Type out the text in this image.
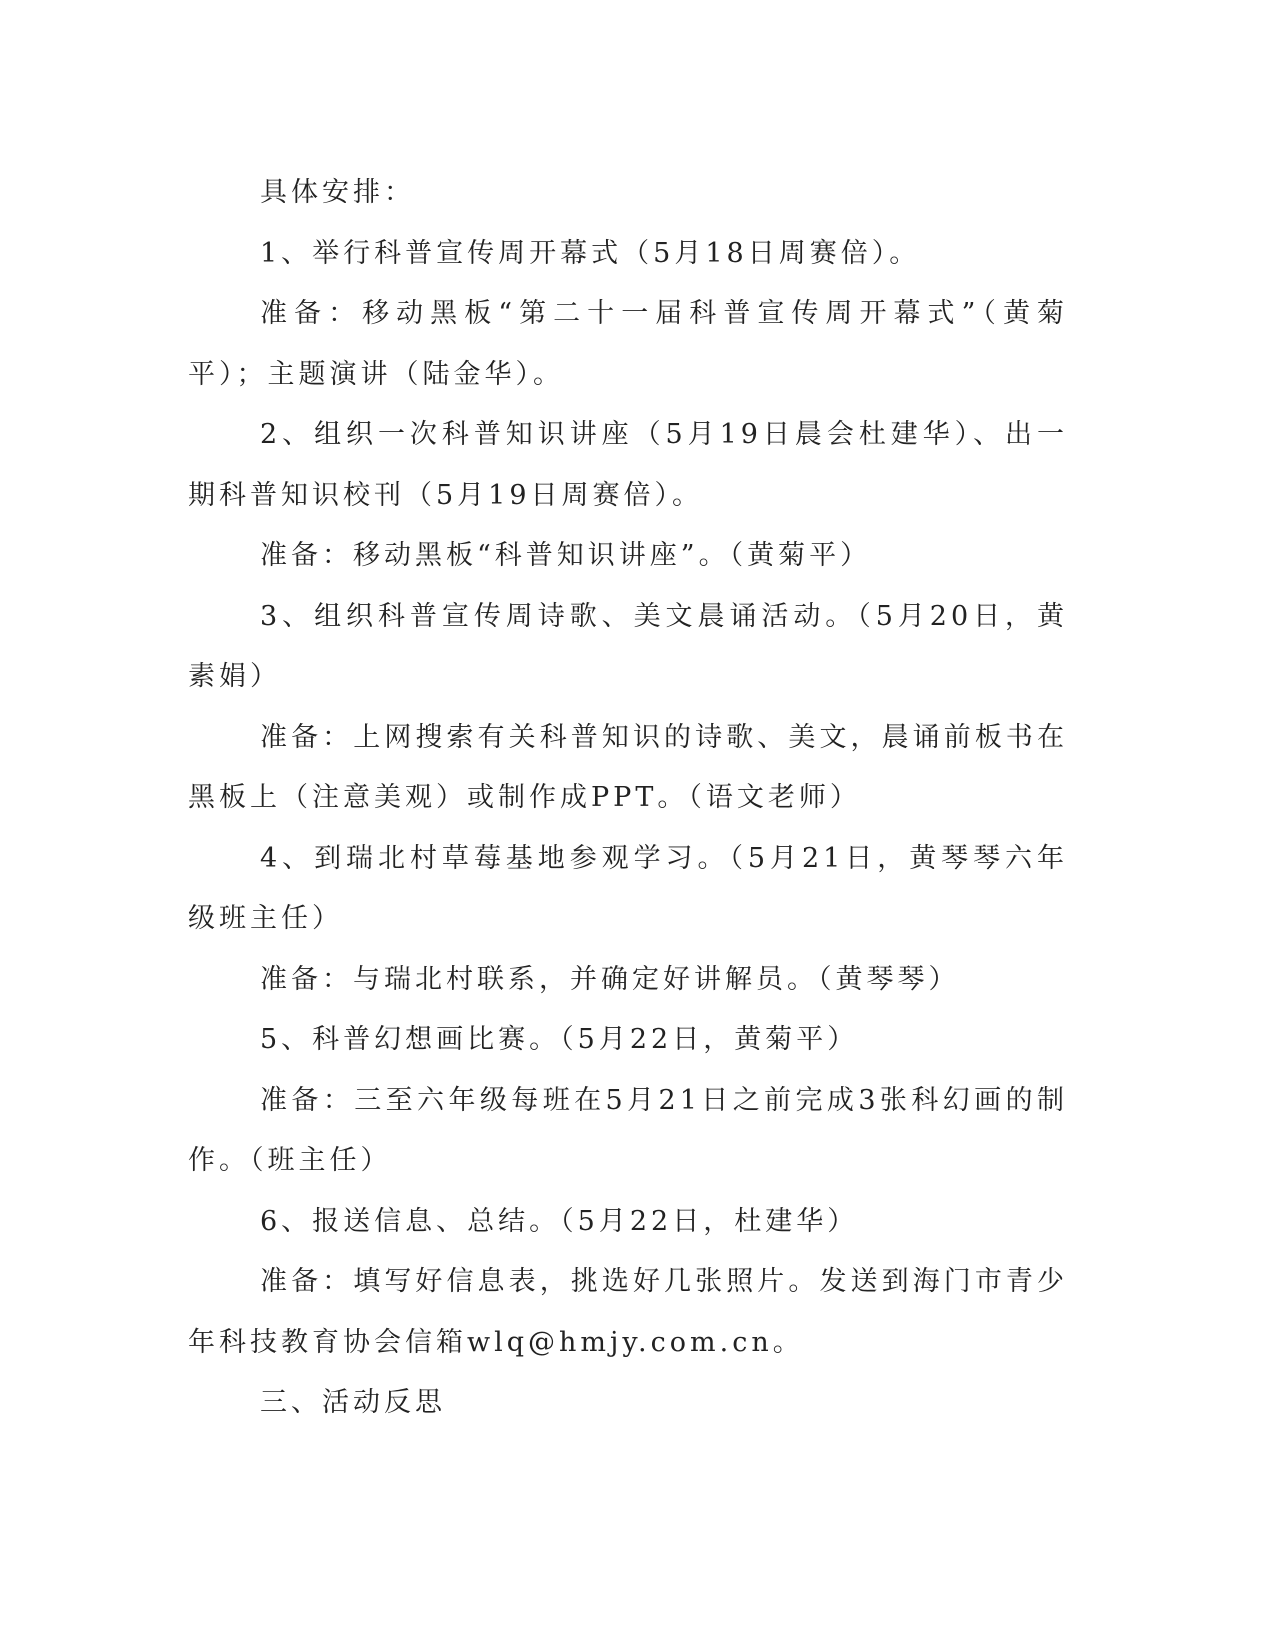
具体安排：

1、举行科普宣传周开幕式（5月18日周赛倍）。

准备：移动黑板“第二十一届科普宣传周开幕式”（黄菊平）；主题演讲（陆金华）。

2、组织一次科普知识讲座（5月19日晨会杜建华）、出一期科普知识校刊（5月19日周赛倍）。

准备：移动黑板“科普知识讲座”。（黄菊平）

3、组织科普宣传周诗歌、美文晨诵活动。（5月20日，黄素娟）

准备：上网搜索有关科普知识的诗歌、美文，晨诵前板书在黑板上（注意美观）或制作成PPT。（语文老师）

4、到瑞北村草莓基地参观学习。（5月21日，黄琴琴六年级班主任）

准备：与瑞北村联系，并确定好讲解员。（黄琴琴）

5、科普幻想画比赛。（5月22日，黄菊平）

准备：三至六年级每班在5月21日之前完成3张科幻画的制作。（班主任）

6、报送信息、总结。（5月22日，杜建华）

准备：填写好信息表，挑选好几张照片。发送到海门市青少年科技教育协会信箱wlq@hmjy.com.cn。

三、活动反思
